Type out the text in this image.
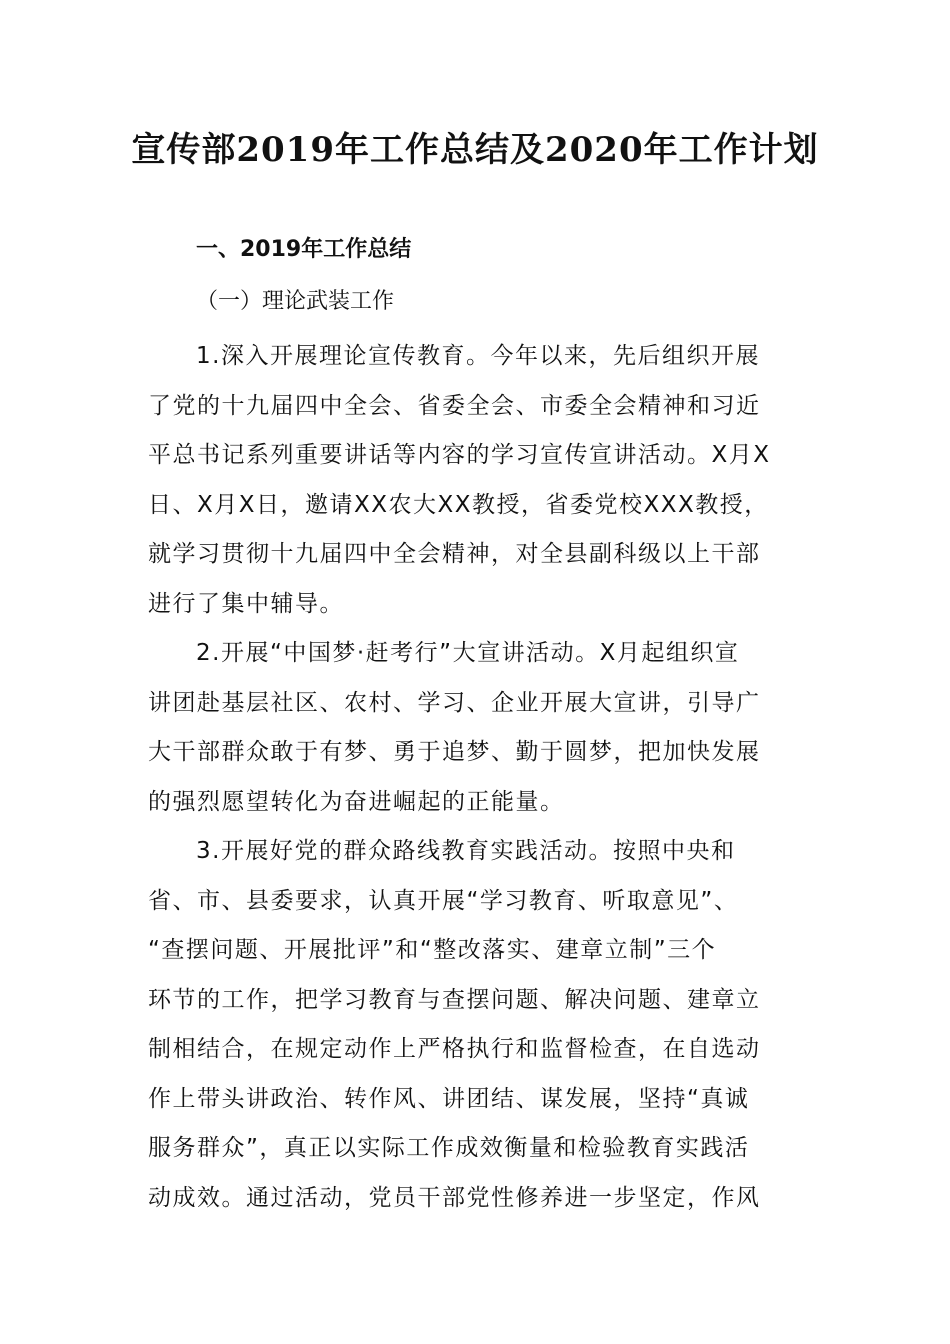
宣传部2019年工作总结及2020年工作计划
一、2019年工作总结
（一）理论武装工作

1.深入开展理论宣传教育。今年以来，先后组织开展
了党的十九届四中全会、省委全会、市委全会精神和习近
平总书记系列重要讲话等内容的学习宣传宣讲活动。X月X
日、X月X日，邀请XX农大XX教授，省委党校XXX教授，
就学习贯彻十九届四中全会精神，对全县副科级以上干部
进行了集中辅导。

2.开展“中国梦·赶考行”大宣讲活动。X月起组织宣
讲团赴基层社区、农村、学习、企业开展大宣讲，引导广
大干部群众敢于有梦、勇于追梦、勤于圆梦，把加快发展
的强烈愿望转化为奋进崛起的正能量。

3.开展好党的群众路线教育实践活动。按照中央和
省、市、县委要求，认真开展“学习教育、听取意见”、
“查摆问题、开展批评”和“整改落实、建章立制”三个
环节的工作，把学习教育与查摆问题、解决问题、建章立
制相结合，在规定动作上严格执行和监督检查，在自选动
作上带头讲政治、转作风、讲团结、谋发展，坚持“真诚
服务群众”，真正以实际工作成效衡量和检验教育实践活
动成效。通过活动，党员干部党性修养进一步坚定，作风
